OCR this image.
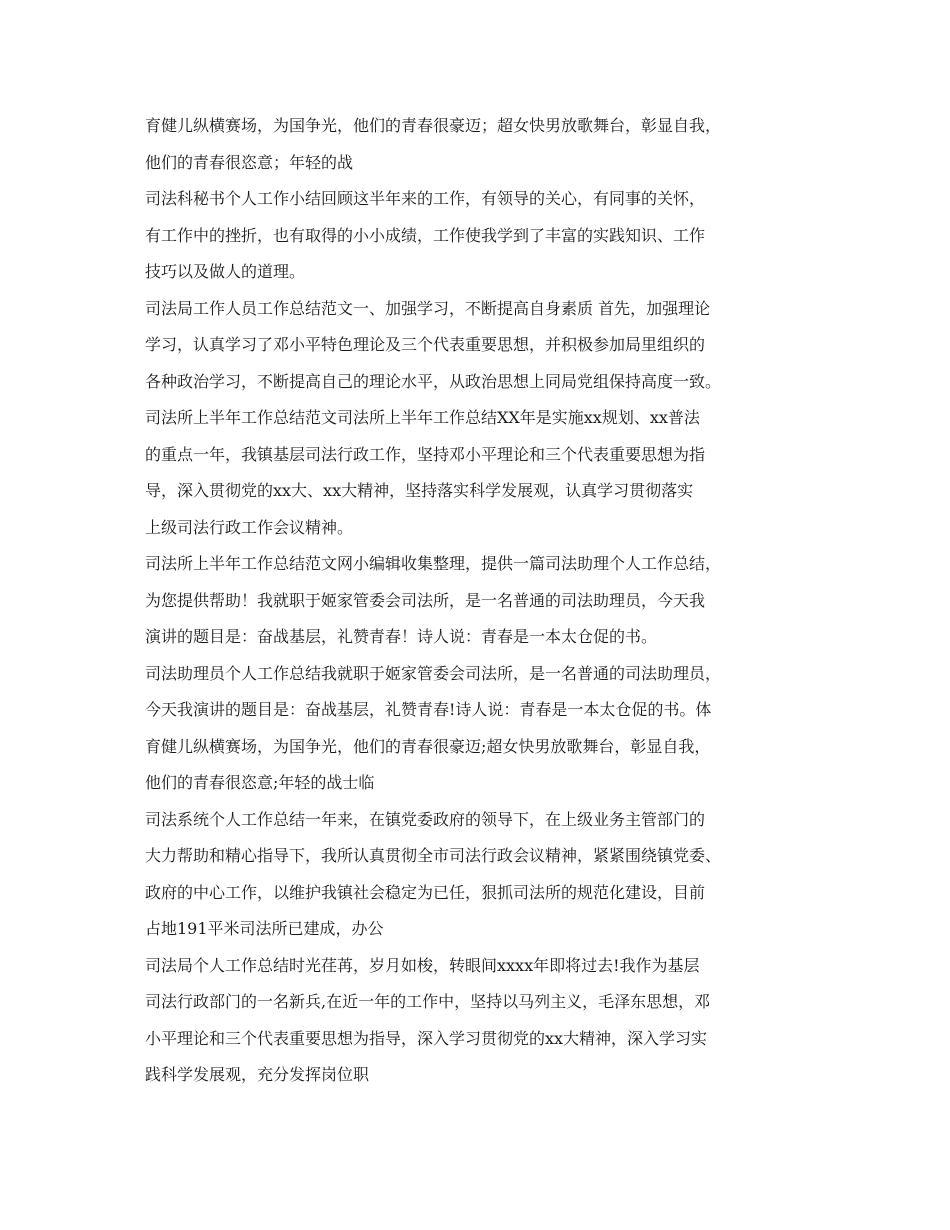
育健儿纵横赛场，为国争光，他们的青春很豪迈；超女快男放歌舞台，彰显自我，
他们的青春很恣意；年轻的战
司法科秘书个人工作小结回顾这半年来的工作，有领导的关心，有同事的关怀，
有工作中的挫折，也有取得的小小成绩，工作使我学到了丰富的实践知识、工作
技巧以及做人的道理。
司法局工作人员工作总结范文一、加强学习，不断提高自身素质 首先，加强理论
学习，认真学习了邓小平特色理论及三个代表重要思想，并积极参加局里组织的
各种政治学习，不断提高自己的理论水平，从政治思想上同局党组保持高度一致。
司法所上半年工作总结范文司法所上半年工作总结XX年是实施xx规划、xx普法
的重点一年，我镇基层司法行政工作，坚持邓小平理论和三个代表重要思想为指
导，深入贯彻党的xx大、xx大精神，坚持落实科学发展观，认真学习贯彻落实
上级司法行政工作会议精神。
司法所上半年工作总结范文网小编辑收集整理，提供一篇司法助理个人工作总结，
为您提供帮助！我就职于姬家管委会司法所，是一名普通的司法助理员，今天我
演讲的题目是：奋战基层，礼赞青春！诗人说：青春是一本太仓促的书。
司法助理员个人工作总结我就职于姬家管委会司法所，是一名普通的司法助理员，
今天我演讲的题目是：奋战基层，礼赞青春!诗人说：青春是一本太仓促的书。体
育健儿纵横赛场，为国争光，他们的青春很豪迈;超女快男放歌舞台，彰显自我，
他们的青春很恣意;年轻的战士临
司法系统个人工作总结一年来，在镇党委政府的领导下，在上级业务主管部门的
大力帮助和精心指导下，我所认真贯彻全市司法行政会议精神，紧紧围绕镇党委、
政府的中心工作，以维护我镇社会稳定为已任，狠抓司法所的规范化建设，目前
占地191平米司法所已建成，办公
司法局个人工作总结时光荏苒，岁月如梭，转眼间xxxx年即将过去!我作为基层
司法行政部门的一名新兵,在近一年的工作中，坚持以马列主义，毛泽东思想，邓
小平理论和三个代表重要思想为指导，深入学习贯彻党的xx大精神，深入学习实
践科学发展观，充分发挥岗位职
